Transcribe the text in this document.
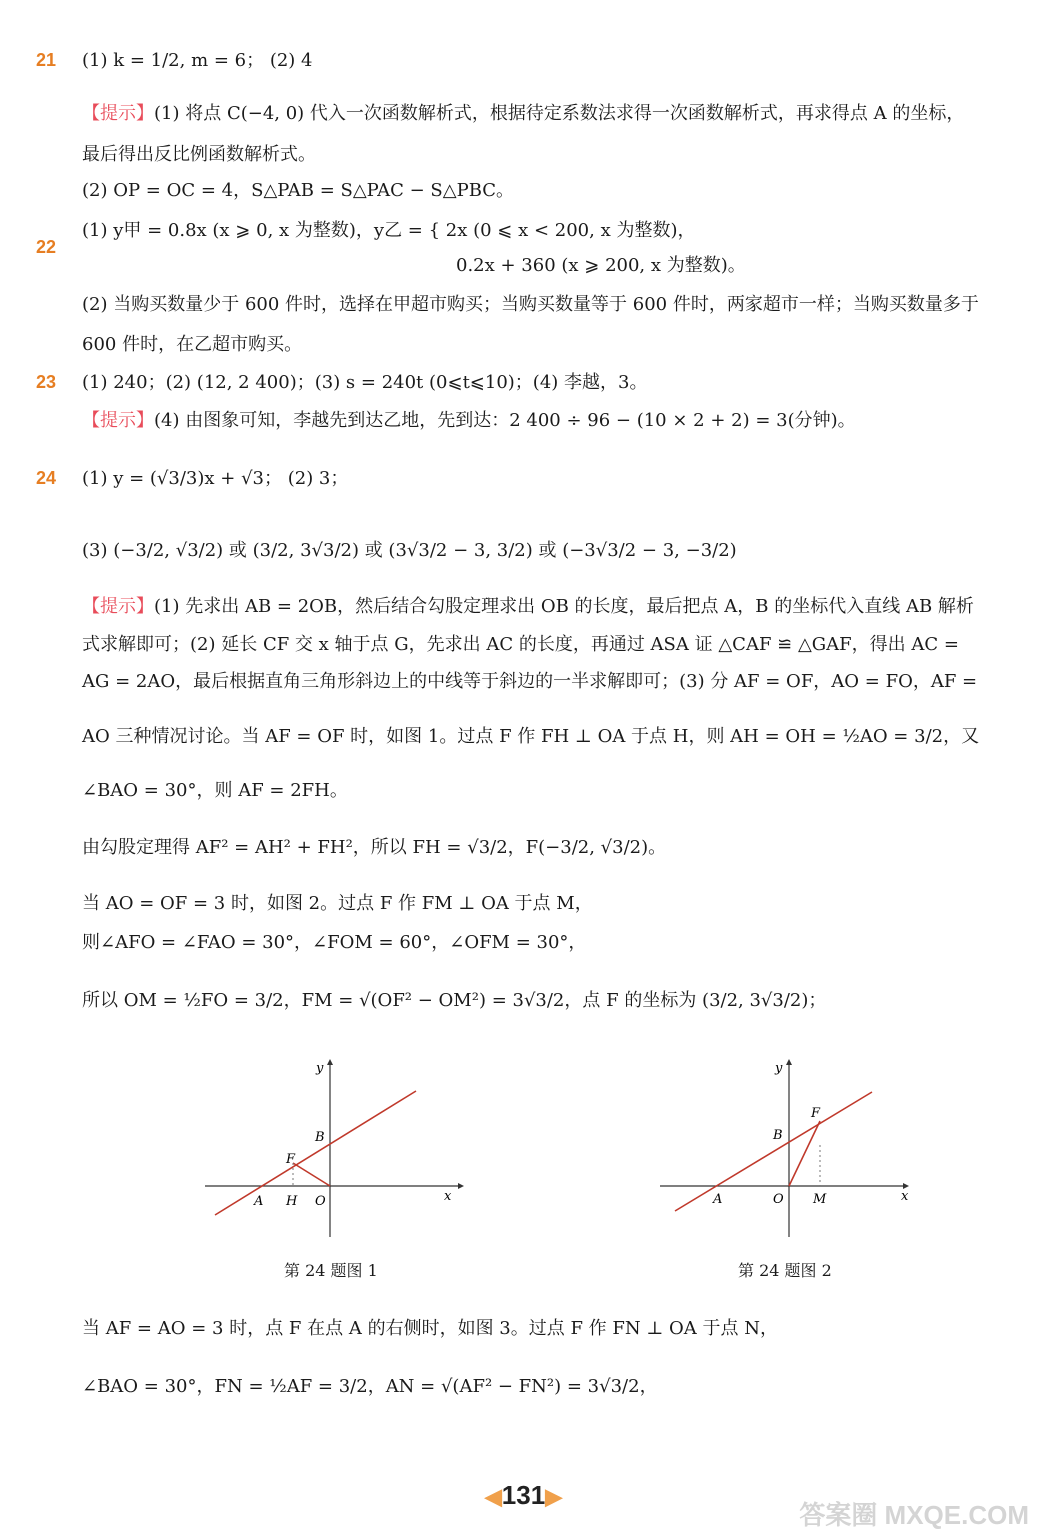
21 (1) k = 1/2, m = 6； (2) 4
【提示】(1) 将点 C(−4, 0) 代入一次函数解析式，根据待定系数法求得一次函数解析式，再求得点 A 的坐标，
最后得出反比例函数解析式。
(2) OP = OC = 4，S△PAB = S△PAC − S△PBC。
22
(1) y甲 = 0.8x (x ⩾ 0, x 为整数)，y乙 = { 2x (0 ⩽ x < 200, x 为整数)，
0.2x + 360 (x ⩾ 200, x 为整数)。
(2) 当购买数量少于 600 件时，选择在甲超市购买；当购买数量等于 600 件时，两家超市一样；当购买数量多于
600 件时，在乙超市购买。
23 (1) 240；(2) (12, 2 400)；(3) s = 240t (0⩽t⩽10)；(4) 李越，3。
【提示】(4) 由图象可知，李越先到达乙地，先到达：2 400 ÷ 96 − (10 × 2 + 2) = 3(分钟)。
24 (1) y = (√3/3)x + √3； (2) 3；
(3) (−3/2, √3/2) 或 (3/2, 3√3/2) 或 (3√3/2 − 3, 3/2) 或 (−3√3/2 − 3, −3/2)
【提示】(1) 先求出 AB = 2OB，然后结合勾股定理求出 OB 的长度，最后把点 A，B 的坐标代入直线 AB 解析
式求解即可；(2) 延长 CF 交 x 轴于点 G，先求出 AC 的长度，再通过 ASA 证 △CAF ≌ △GAF，得出 AC =
AG = 2AO，最后根据直角三角形斜边上的中线等于斜边的一半求解即可；(3) 分 AF = OF，AO = FO，AF =
AO 三种情况讨论。当 AF = OF 时，如图 1。过点 F 作 FH ⊥ OA 于点 H，则 AH = OH = ½AO = 3/2，又
∠BAO = 30°，则 AF = 2FH。
由勾股定理得 AF² = AH² + FH²，所以 FH = √3/2，F(−3/2, √3/2)。
当 AO = OF = 3 时，如图 2。过点 F 作 FM ⊥ OA 于点 M，
则∠AFO = ∠FAO = 30°，∠FOM = 60°，∠OFM = 30°，
所以 OM = ½FO = 3/2，FM = √(OF² − OM²) = 3√3/2，点 F 的坐标为 (3/2, 3√3/2)；
y
x
B
F
A H O
第 24 题图 1
y
x
B
F
A	O M
第 24 题图 2
当 AF = AO = 3 时，点 F 在点 A 的右侧时，如图 3。过点 F 作 FN ⊥ OA 于点 N，
∠BAO = 30°，FN = ½AF = 3/2，AN = √(AF² − FN²) = 3√3/2，
◀131▶
答案圈 MXQE.COM
